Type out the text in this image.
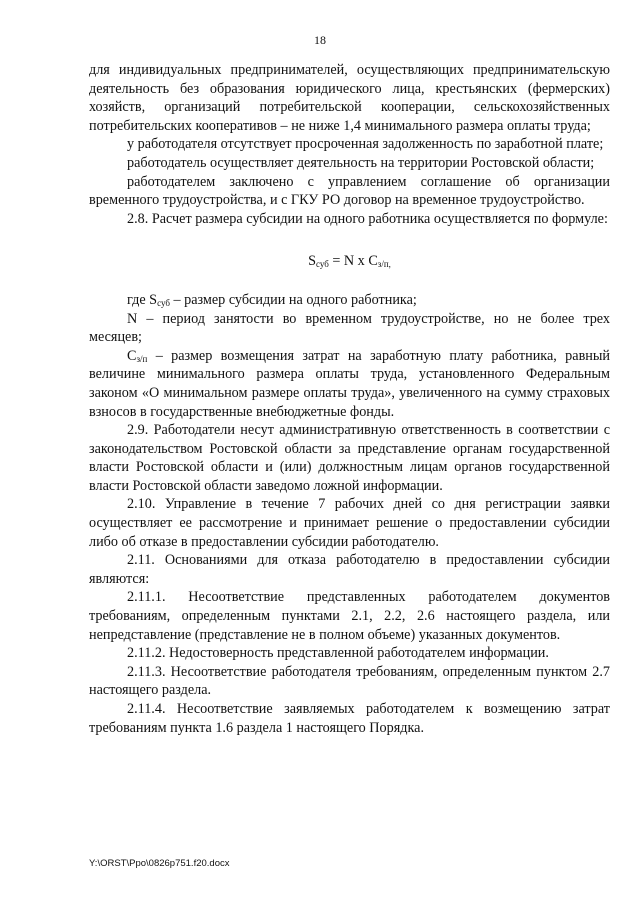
18

для индивидуальных предпринимателей, осуществляющих предпринимательскую деятельность без образования юридического лица, крестьянских (фермерских) хозяйств, организаций потребительской кооперации, сельскохозяйственных потребительских кооперативов – не ниже 1,4 минимального размера оплаты труда;

у работодателя отсутствует просроченная задолженность по заработной плате;

работодатель осуществляет деятельность на территории Ростовской области;

работодателем заключено с управлением соглашение об организации временного трудоустройства, и с ГКУ РО договор на временное трудоустройство.

2.8. Расчет размера субсидии на одного работника осуществляется по формуле:

$S_{суб} = N$ x $C_{з/п,}$

где $S_{суб}$ – размер субсидии на одного работника;

N – период занятости во временном трудоустройстве, но не более трех месяцев;

$C_{з/п}$ – размер возмещения затрат на заработную плату работника, равный величине минимального размера оплаты труда, установленного Федеральным законом «О минимальном размере оплаты труда», увеличенного на сумму страховых взносов в государственные внебюджетные фонды.

2.9. Работодатели несут административную ответственность в соответствии с законодательством Ростовской области за представление органам государственной власти Ростовской области и (или) должностным лицам органов государственной власти Ростовской области заведомо ложной информации.

2.10. Управление в течение 7 рабочих дней со дня регистрации заявки осуществляет ее рассмотрение и принимает решение о предоставлении субсидии либо об отказе в предоставлении субсидии работодателю.

2.11. Основаниями для отказа работодателю в предоставлении субсидии являются:

2.11.1. Несоответствие представленных работодателем документов требованиям, определенным пунктами 2.1, 2.2, 2.6 настоящего раздела, или непредставление (представление не в полном объеме) указанных документов.

2.11.2. Недостоверность представленной работодателем информации.

2.11.3. Несоответствие работодателя требованиям, определенным пунктом 2.7 настоящего раздела.

2.11.4. Несоответствие заявляемых работодателем к возмещению затрат требованиям пункта 1.6 раздела 1 настоящего Порядка.

Y:\ORST\Ppo\0826p751.f20.docx
